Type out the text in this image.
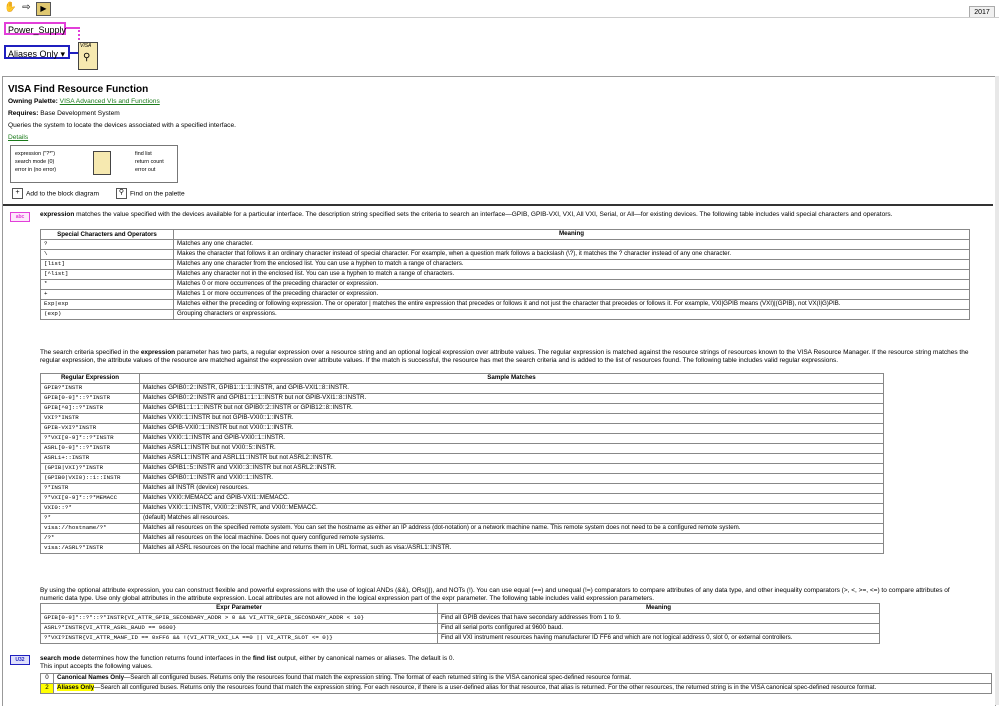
✋ ⇨	▶	2017
Power_Supply
Aliases Only ▾
VISA
⚲
VISA Find Resource Function
Owning Palette: VISA Advanced VIs and Functions
Requires: Base Development System
Queries the system to locate the devices associated with a specified interface.
Details
expression ("?*")
search mode (0)
error in (no error)
find list
return count
error out
+ Add to the block diagram	⚲ Find on the palette
abc	expression matches the value specified with the devices available for a particular interface. The description string specified sets the criteria to search an interface—GPIB, GPIB-VXI, VXI, All VXI, Serial, or All—for existing devices. The following table includes valid special characters and operators.
Special Characters and Operators	Meaning
?	Matches any one character.
\	Makes the character that follows it an ordinary character instead of special character. For example, when a question mark follows a backslash (\?), it matches the ? character instead of any one character.
[list]	Matches any one character from the enclosed list. You can use a hyphen to match a range of characters.
[^list]	Matches any character not in the enclosed list. You can use a hyphen to match a range of characters.
*	Matches 0 or more occurrences of the preceding character or expression.
+	Matches 1 or more occurrences of the preceding character or expression.
Exp|exp	Matches either the preceding or following expression. The or operator | matches the entire expression that precedes or follows it and not just the character that precedes or follows it. For example, VXI|GPIB means (VXI)|(GPIB), not VX(I|G)PIB.
(exp)	Grouping characters or expressions.
The search criteria specified in the expression parameter has two parts, a regular expression over a resource string and an optional logical expression over attribute values. The regular expression is matched against the resource strings of resources known to the VISA Resource Manager. If the resource string matches the regular expression, the attribute values of the resource are matched against the expression over attribute values. If the match is successful, the resource has met the search criteria and is added to the list of resources found. The following table includes valid regular expressions.
Regular Expression	Sample Matches
GPIB?*INSTR	Matches GPIB0::2::INSTR, GPIB1::1::1::INSTR, and GPIB-VXI1::8::INSTR.
GPIB[0-9]*::?*INSTR	Matches GPIB0::2::INSTR and GPIB1::1::1::INSTR but not GPIB-VXI1::8::INSTR.
GPIB[^0]::?*INSTR	Matches GPIB1::1::1::INSTR but not GPIB0::2::INSTR or GPIB12::8::INSTR.
VXI?*INSTR	Matches VXI0::1::INSTR but not GPIB-VXI0::1::INSTR.
GPIB-VXI?*INSTR	Matches GPIB-VXI0::1::INSTR but not VXI0::1::INSTR.
?*VXI[0-9]*::?*INSTR	Matches VXI0::1::INSTR and GPIB-VXI0::1::INSTR.
ASRL[0-9]*::?*INSTR	Matches ASRL1::INSTR but not VXI0::5::INSTR.
ASRL1+::INSTR	Matches ASRL1::INSTR and ASRL11::INSTR but not ASRL2::INSTR.
(GPIB|VXI)?*INSTR	Matches GPIB1::5::INSTR and VXI0::3::INSTR but not ASRL2::INSTR.
(GPIB0|VXI0)::1::INSTR	Matches GPIB0::1::INSTR and VXI0::1::INSTR.
?*INSTR	Matches all INSTR (device) resources.
?*VXI[0-9]*::?*MEMACC	Matches VXI0::MEMACC and GPIB-VXI1::MEMACC.
VXI0::?*	Matches VXI0::1::INSTR, VXI0::2::INSTR, and VXI0::MEMACC.
?*	(default) Matches all resources.
visa://hostname/?*	Matches all resources on the specified remote system. You can set the hostname as either an IP address (dot-notation) or a network machine name. This remote system does not need to be a configured remote system.
/?*	Matches all resources on the local machine. Does not query configured remote systems.
visa:/ASRL?*INSTR	Matches all ASRL resources on the local machine and returns them in URL format, such as visa:/ASRL1::INSTR.
By using the optional attribute expression, you can construct flexible and powerful expressions with the use of logical ANDs (&&), ORs(||), and NOTs (!). You can use equal (==) and unequal (!=) comparators to compare attributes of any data type, and other inequality comparators (>, <, >=, <=) to compare attributes of numeric data type. Use only global attributes in the attribute expression. Local attributes are not allowed in the logical expression part of the expr parameter. The following table includes valid expression parameters.
Expr Parameter	Meaning
GPIB[0-9]*::?*::?*INSTR{VI_ATTR_GPIB_SECONDARY_ADDR > 0 && VI_ATTR_GPIB_SECONDARY_ADDR < 10}	Find all GPIB devices that have secondary addresses from 1 to 9.
ASRL?*INSTR{VI_ATTR_ASRL_BAUD == 9600}	Find all serial ports configured at 9600 baud.
?*VXI?INSTR{VI_ATTR_MANF_ID == 0xFF6 && !(VI_ATTR_VXI_LA ==0 || VI_ATTR_SLOT <= 0)}	Find all VXI instrument resources having manufacturer ID FF6 and which are not logical address 0, slot 0, or external controllers.
U32	search mode determines how the function returns found interfaces in the find list output, either by canonical names or aliases. The default is 0.
This input accepts the following values.
0	Canonical Names Only—Search all configured buses. Returns only the resources found that match the expression string. The format of each returned string is the VISA canonical spec-defined resource format.
2	Aliases Only—Search all configured buses. Returns only the resources found that match the expression string. For each resource, if there is a user-defined alias for that resource, that alias is returned. For the other resources, the returned string is in the VISA canonical spec-defined resource format.
